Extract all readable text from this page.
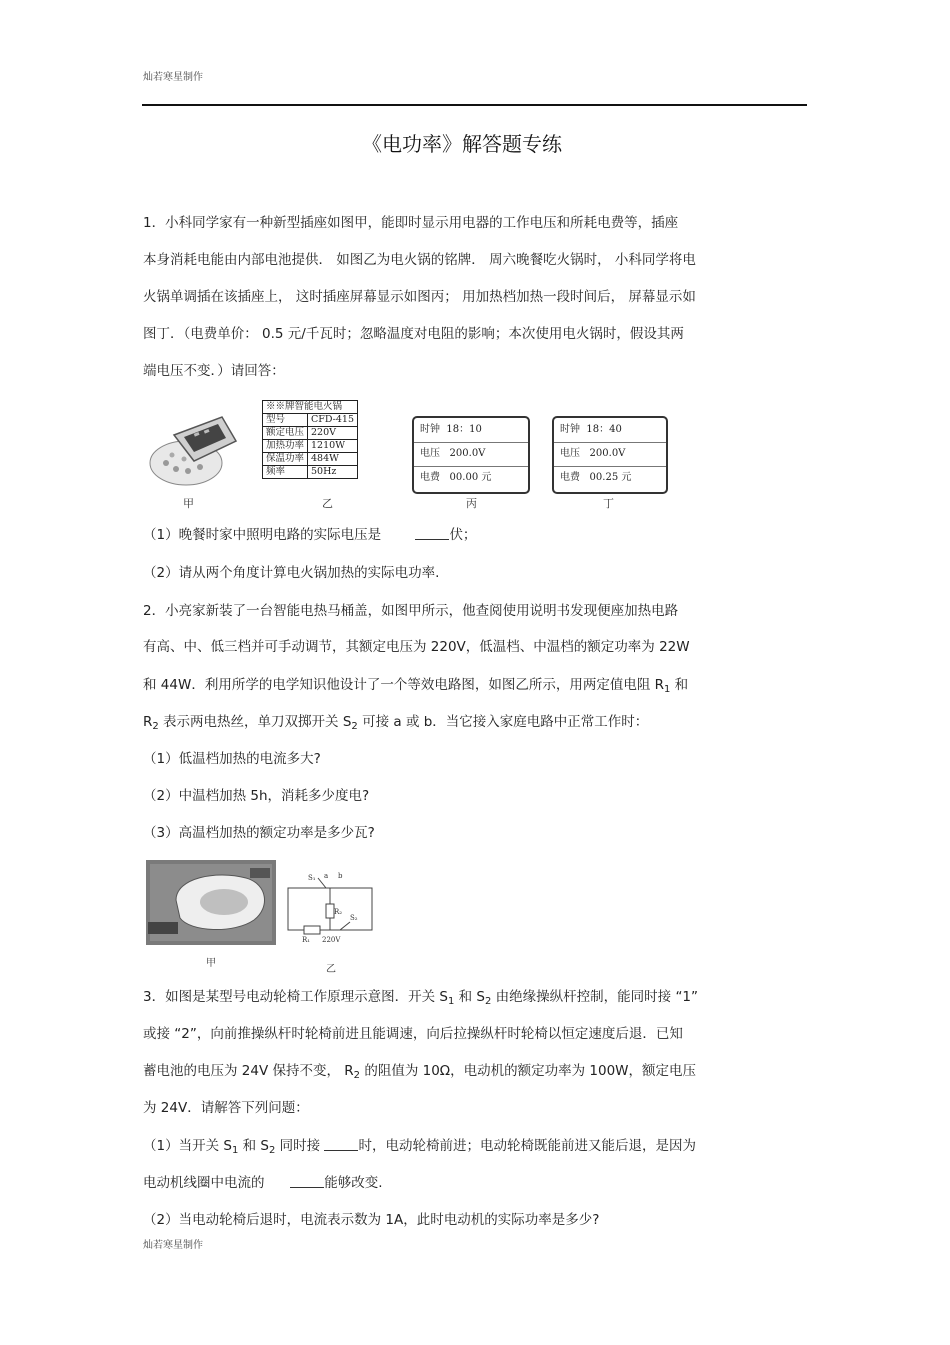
灿若寒星制作
《电功率》解答题专练
灿若寒星制作
1．小科同学家有一种新型插座如图甲，能即时显示用电器的工作电压和所耗电费等，插座
本身消耗电能由内部电池提供． 如图乙为电火锅的铭牌． 周六晚餐吃火锅时， 小科同学将电
火锅单调插在该插座上， 这时插座屏幕显示如图丙； 用加热档加热一段时间后， 屏幕显示如
图丁．（电费单价： 0.5 元/千瓦时；忽略温度对电阻的影响；本次使用电火锅时，假设其两
端电压不变．）请回答：
※※牌智能电火锅	
型号	CFD-415
额定电压	220V
加热功率	1210W
保温功率	484W
频率	50Hz
时钟 18：10
电压 200.0V
电费 00.00 元
时钟 18：40
电压 200.0V
电费 00.25 元
甲	乙	丙	丁
（1）晚餐时家中照明电路的实际电压是	伏；
（2）请从两个角度计算电火锅加热的实际电功率.
2．小亮家新装了一台智能电热马桶盖，如图甲所示，他查阅使用说明书发现便座加热电路
有高、中、低三档并可手动调节，其额定电压为 220V，低温档、中温档的额定功率为 22W
和 44W．利用所学的电学知识他设计了一个等效电路图，如图乙所示，用两定值电阻 $R_1$ 和
$R_2$ 表示两电热丝，单刀双掷开关 $S_2$ 可接 a 或 b．当它接入家庭电路中正常工作时：
（1）低温档加热的电流多大?
（2）中温档加热 5h，消耗多少度电?
（3）高温档加热的额定功率是多少瓦?
R₂
R₁
S₁
S₂
a b
220V
甲
乙
3．如图是某型号电动轮椅工作原理示意图．开关 $S_1$ 和 $S_2$ 由绝缘操纵杆控制，能同时接 “1”
或接 “2”，向前推操纵杆时轮椅前进且能调速，向后拉操纵杆时轮椅以恒定速度后退．已知
蓄电池的电压为 24V 保持不变， $R_2$ 的阻值为 10Ω，电动机的额定功率为 100W，额定电压
为 24V．请解答下列问题：
（1）当开关 $S_1$ 和 $S_2$ 同时接	时，电动轮椅前进；电动轮椅既能前进又能后退，是因为
电动机线圈中电流的	能够改变.
（2）当电动轮椅后退时，电流表示数为 1A，此时电动机的实际功率是多少?
